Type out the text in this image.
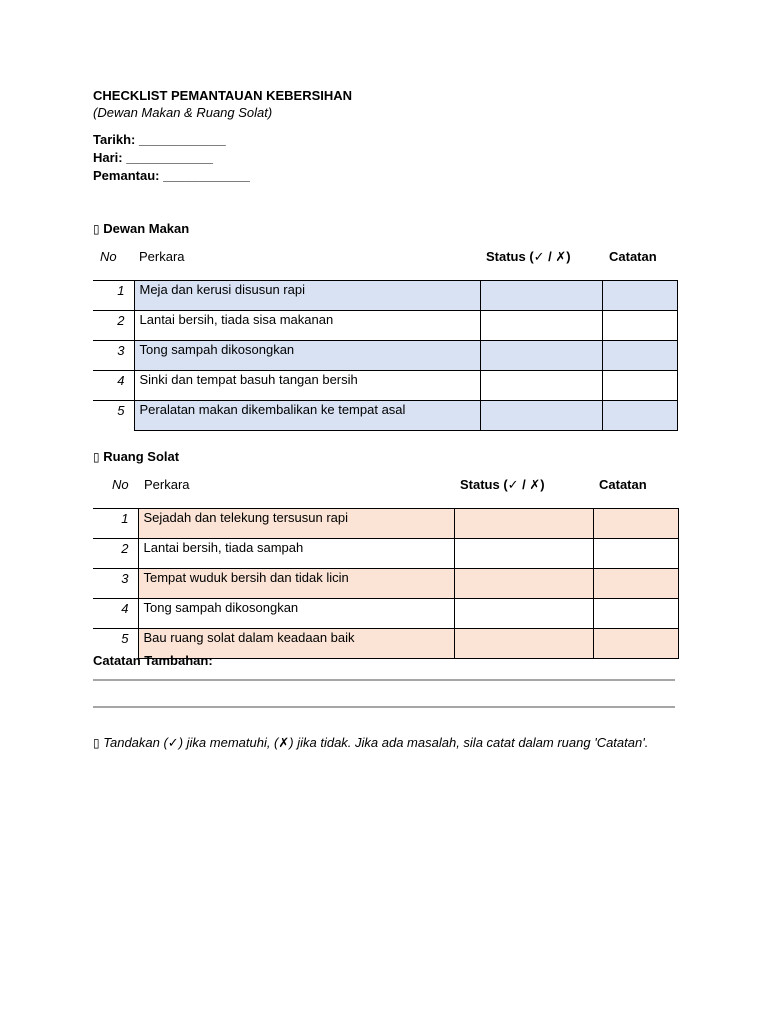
CHECKLIST PEMANTAUAN KEBERSIHAN
(Dewan Makan & Ruang Solat)
Tarikh: ____________
Hari: ____________
Pemantau: ____________
▯ Dewan Makan
No Perkara	Status (✓ / ✗)	Catatan
1	Meja dan kerusi disusun rapi		
2	Lantai bersih, tiada sisa makanan		
3	Tong sampah dikosongkan		
4	Sinki dan tempat basuh tangan bersih		
5	Peralatan makan dikembalikan ke tempat asal		
▯ Ruang Solat
No Perkara	Status (✓ / ✗)	Catatan
1	Sejadah dan telekung tersusun rapi		
2	Lantai bersih, tiada sampah		
3	Tempat wuduk bersih dan tidak licin		
4	Tong sampah dikosongkan		
5	Bau ruang solat dalam keadaan baik		
Catatan Tambahan:
▯ Tandakan (✓) jika mematuhi, (✗) jika tidak. Jika ada masalah, sila catat dalam ruang 'Catatan'.
